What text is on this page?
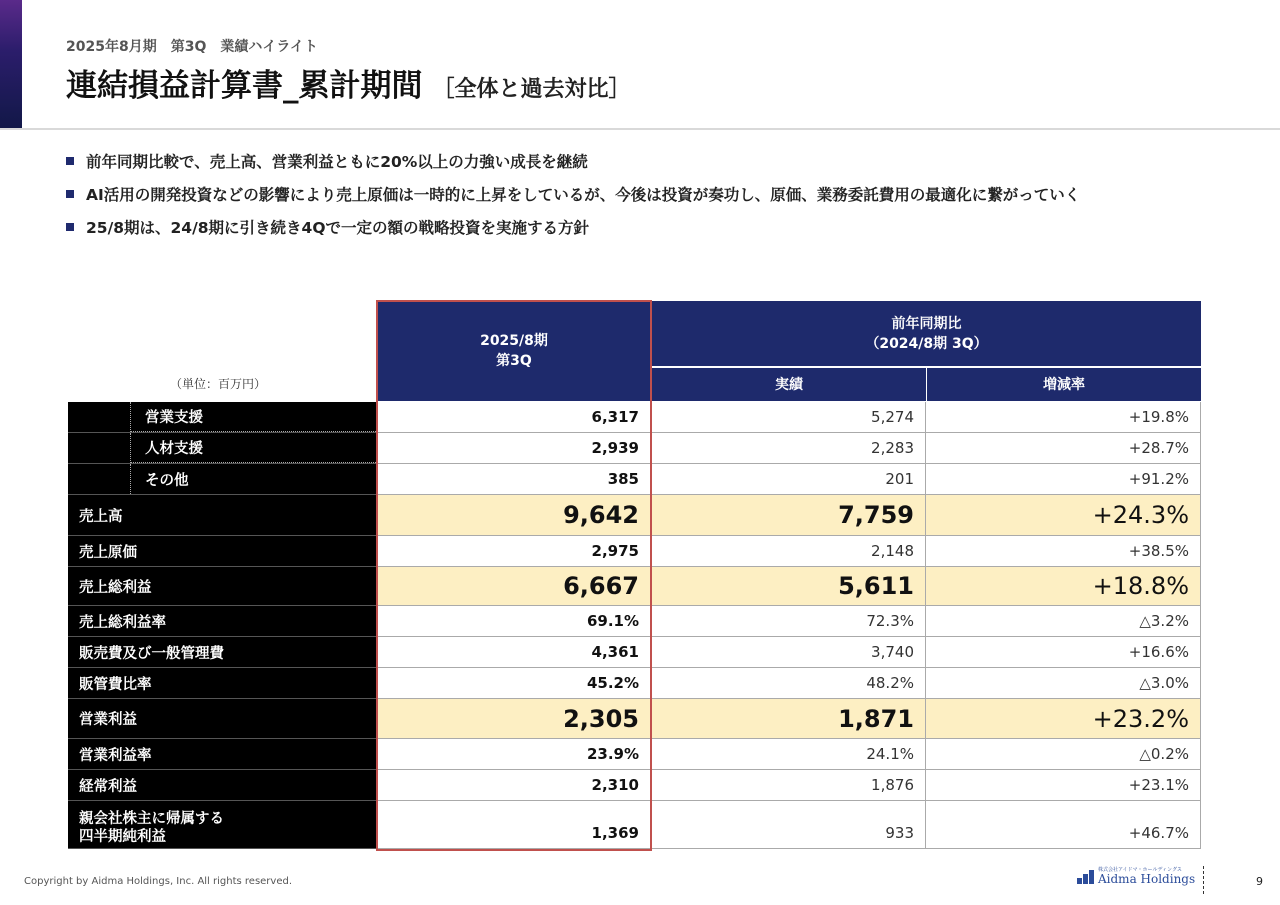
2025年8月期　第3Q　業績ハイライト
連結損益計算書_累計期間 ［全体と過去対比］
前年同期比較で、売上高、営業利益ともに20%以上の力強い成長を継続
AI活用の開発投資などの影響により売上原価は一時的に上昇をしているが、今後は投資が奏功し、原価、業務委託費用の最適化に繋がっていく
25/8期は、24/8期に引き続き4Qで一定の額の戦略投資を実施する方針
（単位：百万円）
2025/8期
第3Q
前年同期比
（2024/8期 3Q）
実績	増減率
営業支援	6,317	5,274	+19.8%
人材支援	2,939	2,283	+28.7%
その他	385	201	+91.2%
売上高	9,642	7,759	+24.3%
売上原価	2,975	2,148	+38.5%
売上総利益	6,667	5,611	+18.8%
売上総利益率	69.1%	72.3%	△3.2%
販売費及び一般管理費	4,361	3,740	+16.6%
販管費比率	45.2%	48.2%	△3.0%
営業利益	2,305	1,871	+23.2%
営業利益率	23.9%	24.1%	△0.2%
経常利益	2,310	1,876	+23.1%
親会社株主に帰属する
四半期純利益	1,369	933	+46.7%
Copyright by Aidma Holdings, Inc. All rights reserved.
株式会社アイドマ・ホールディングス
Aidma Holdings	9
